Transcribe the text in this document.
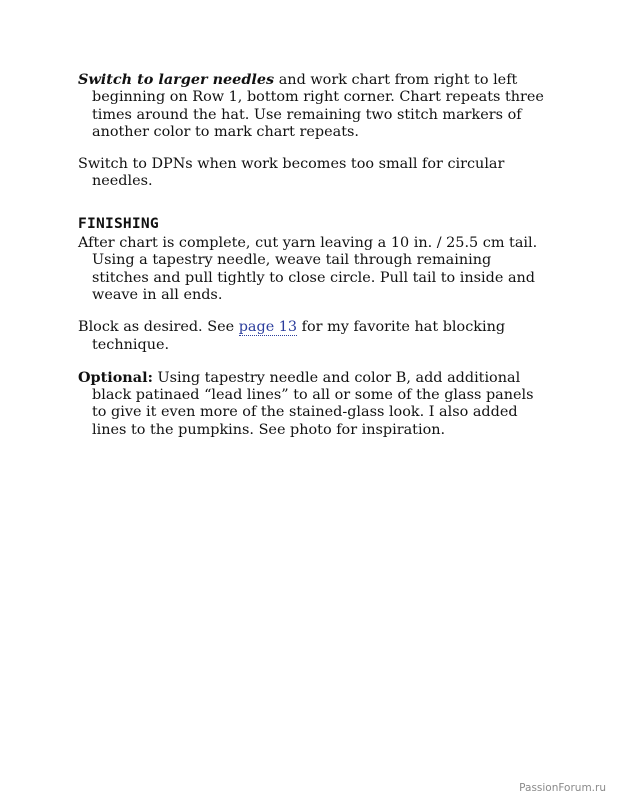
Switch to larger needles and work chart from right to left beginning on Row 1, bottom right corner. Chart repeats three times around the hat. Use remaining two stitch markers of another color to mark chart repeats.

Switch to DPNs when work becomes too small for circular needles.

FINISHING

After chart is complete, cut yarn leaving a 10 in. / 25.5 cm tail. Using a tapestry needle, weave tail through remaining stitches and pull tightly to close circle. Pull tail to inside and weave in all ends.

Block as desired. See page 13 for my favorite hat blocking technique.

Optional: Using tapestry needle and color B, add additional black patinaed “lead lines” to all or some of the glass panels to give it even more of the stained-glass look. I also added lines to the pumpkins. See photo for inspiration.

PassionForum.ru
